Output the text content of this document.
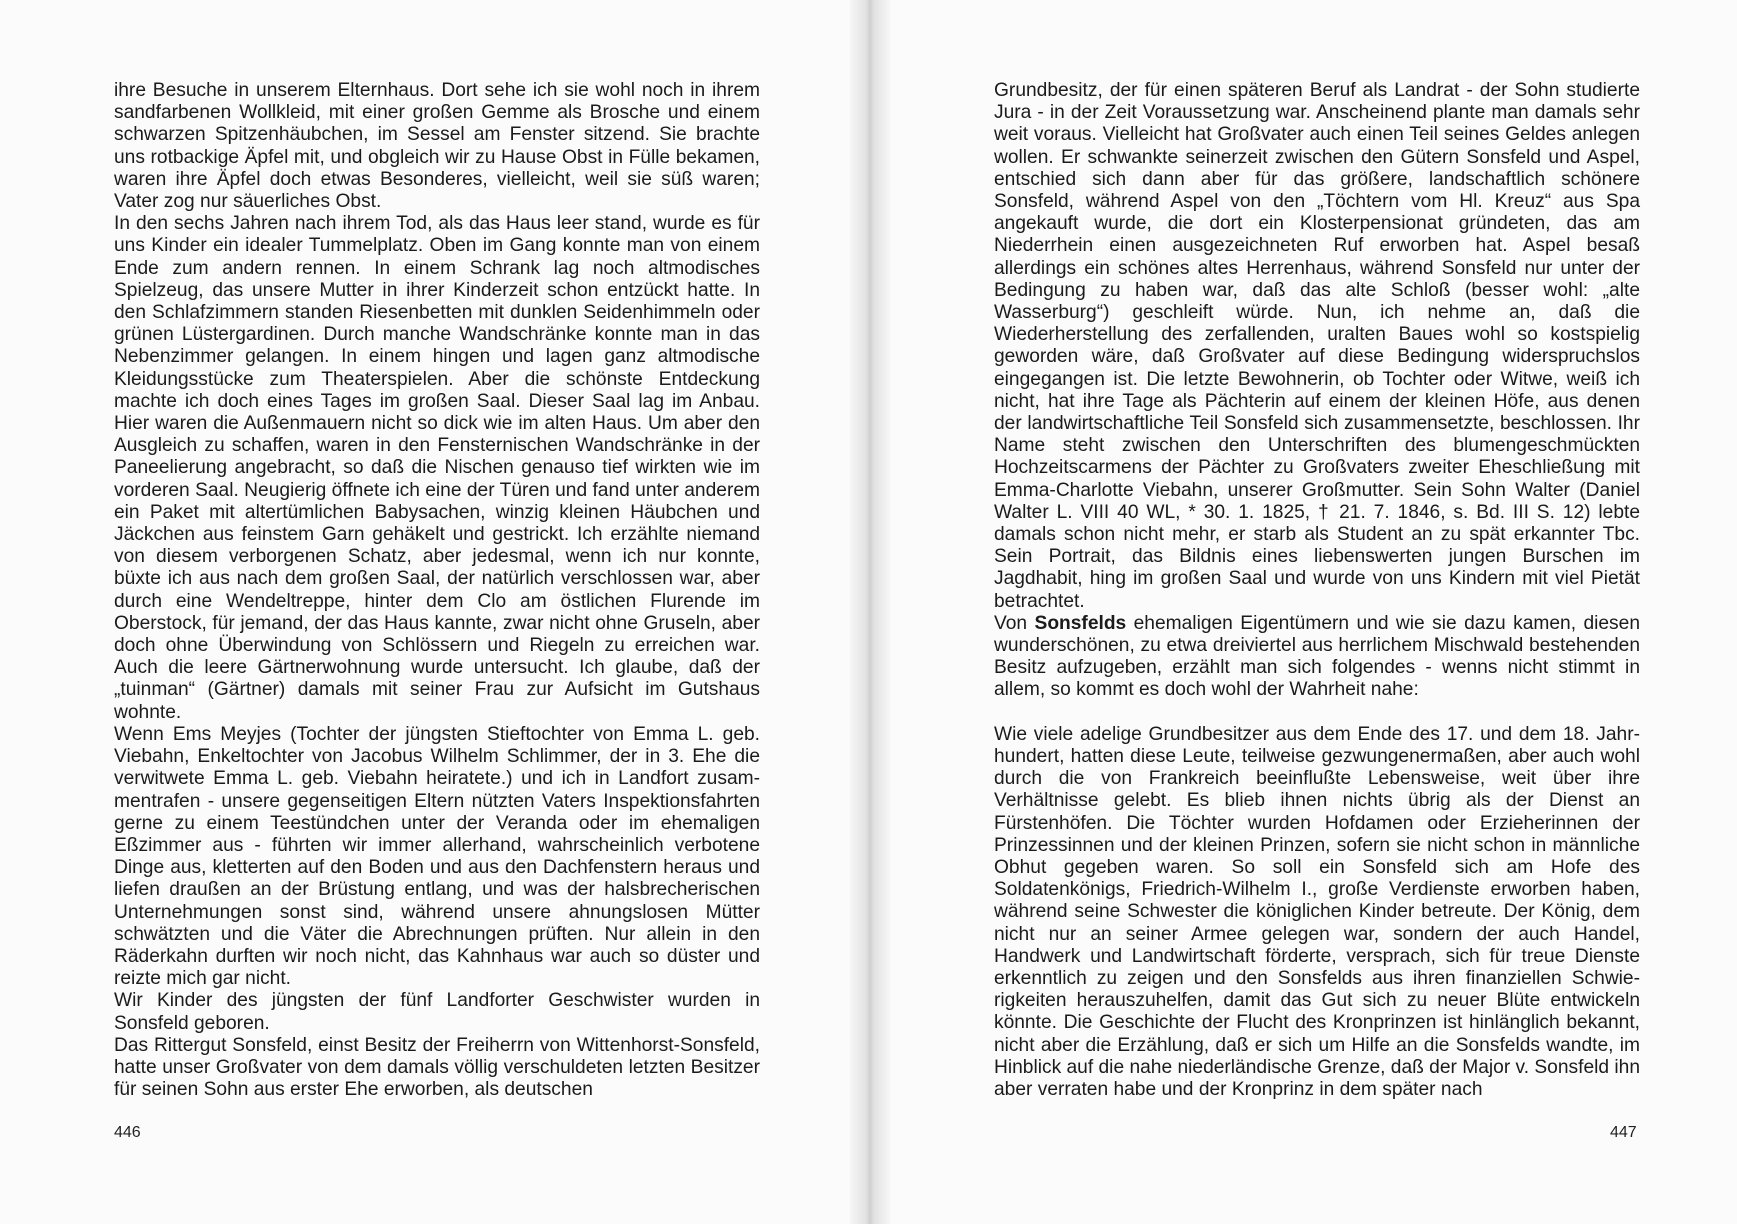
ihre Besuche in unserem Elternhaus. Dort sehe ich sie wohl noch in ihrem sandfarbenen Wollkleid, mit einer großen Gemme als Brosche und einem schwarzen Spitzenhäubchen, im Sessel am Fenster sitzend. Sie brachte uns rotbackige Äpfel mit, und obgleich wir zu Hause Obst in Fülle bekamen, waren ihre Äpfel doch etwas Besonderes, vielleicht, weil sie süß waren; Vater zog nur säuerliches Obst.

In den sechs Jahren nach ihrem Tod, als das Haus leer stand, wurde es für uns Kinder ein idealer Tummelplatz. Oben im Gang konnte man von einem Ende zum andern rennen. In einem Schrank lag noch altmodisches Spielzeug, das unsere Mutter in ihrer Kinderzeit schon entzückt hatte. In den Schlafzimmern standen Riesenbetten mit dunklen Seidenhimmeln oder grünen Lüstergardinen. Durch manche Wandschränke konnte man in das Nebenzimmer gelangen. In einem hingen und lagen ganz altmodische Kleidungsstücke zum Theaterspielen. Aber die schönste Entdeckung machte ich doch eines Tages im großen Saal. Dieser Saal lag im Anbau. Hier waren die Außenmauern nicht so dick wie im alten Haus. Um aber den Ausgleich zu schaffen, waren in den Fensternischen Wandschränke in der Paneelierung angebracht, so daß die Nischen genauso tief wirkten wie im vorderen Saal. Neugierig öffnete ich eine der Türen und fand unter anderem ein Paket mit altertümlichen Babysachen, winzig kleinen Häubchen und Jäckchen aus feinstem Garn gehäkelt und gestrickt. Ich erzählte niemand von diesem verborgenen Schatz, aber jedesmal, wenn ich nur konnte, büxte ich aus nach dem großen Saal, der natürlich verschlossen war, aber durch eine Wendeltreppe, hinter dem Clo am östlichen Flurende im Oberstock, für jemand, der das Haus kannte, zwar nicht ohne Gruseln, aber doch ohne Überwindung von Schlössern und Riegeln zu erreichen war. Auch die leere Gärtnerwohnung wurde untersucht. Ich glaube, daß der „tuinman“ (Gärtner) damals mit seiner Frau zur Aufsicht im Gutshaus wohnte.

Wenn Ems Meyjes (Tochter der jüngsten Stieftochter von Emma L. geb. Viebahn, Enkeltochter von Jacobus Wilhelm Schlimmer, der in 3. Ehe die verwitwete Emma L. geb. Viebahn heiratete.) und ich in Landfort zusammentrafen - unsere gegenseitigen Eltern nützten Vaters Inspektionsfahrten gerne zu einem Teestündchen unter der Veranda oder im ehemaligen Eßzimmer aus - führten wir immer allerhand, wahrscheinlich verbotene Dinge aus, kletterten auf den Boden und aus den Dachfenstern heraus und liefen draußen an der Brüstung entlang, und was der halsbrecherischen Unternehmungen sonst sind, während unsere ahnungslosen Mütter schwätzten und die Väter die Abrechnungen prüften. Nur allein in den Räderkahn durften wir noch nicht, das Kahnhaus war auch so düster und reizte mich gar nicht.

Wir Kinder des jüngsten der fünf Landforter Geschwister wurden in Sonsfeld geboren.

Das Rittergut Sonsfeld, einst Besitz der Freiherrn von Wittenhorst-Sonsfeld, hatte unser Großvater von dem damals völlig verschuldeten letzten Besitzer für seinen Sohn aus erster Ehe erworben, als deutschen

446

Grundbesitz, der für einen späteren Beruf als Landrat - der Sohn studierte Jura - in der Zeit Voraussetzung war. Anscheinend plante man damals sehr weit voraus. Vielleicht hat Großvater auch einen Teil seines Geldes anlegen wollen. Er schwankte seinerzeit zwischen den Gütern Sonsfeld und Aspel, entschied sich dann aber für das größere, landschaftlich schönere Sonsfeld, während Aspel von den „Töchtern vom Hl. Kreuz“ aus Spa angekauft wurde, die dort ein Klosterpensionat gründeten, das am Niederrhein einen ausgezeichneten Ruf erworben hat. Aspel besaß allerdings ein schönes altes Herrenhaus, während Sonsfeld nur unter der Bedingung zu haben war, daß das alte Schloß (besser wohl: „alte Wasserburg“) geschleift würde. Nun, ich nehme an, daß die Wiederherstellung des zerfallenden, uralten Baues wohl so kostspielig geworden wäre, daß Großvater auf diese Bedingung widerspruchslos eingegangen ist. Die letzte Bewohnerin, ob Tochter oder Witwe, weiß ich nicht, hat ihre Tage als Pächterin auf einem der kleinen Höfe, aus denen der landwirtschaftliche Teil Sonsfeld sich zusammensetzte, beschlossen. Ihr Name steht zwischen den Unterschriften des blumengeschmückten Hochzeitscarmens der Pächter zu Großvaters zweiter Eheschließung mit Emma-Charlotte Viebahn, unserer Großmutter. Sein Sohn Walter (Daniel Walter L. VIII 40 WL, * 30. 1. 1825, † 21. 7. 1846, s. Bd. III S. 12) lebte damals schon nicht mehr, er starb als Student an zu spät erkannter Tbc. Sein Portrait, das Bildnis eines liebenswerten jungen Burschen im Jagdhabit, hing im großen Saal und wurde von uns Kindern mit viel Pietät betrachtet.

Von Sonsfelds ehemaligen Eigentümern und wie sie dazu kamen, diesen wunderschönen, zu etwa dreiviertel aus herrlichem Mischwald bestehenden Besitz aufzugeben, erzählt man sich folgendes - wenns nicht stimmt in allem, so kommt es doch wohl der Wahrheit nahe:

Wie viele adelige Grundbesitzer aus dem Ende des 17. und dem 18. Jahrhundert, hatten diese Leute, teilweise gezwungenermaßen, aber auch wohl durch die von Frankreich beeinflußte Lebensweise, weit über ihre Verhältnisse gelebt. Es blieb ihnen nichts übrig als der Dienst an Fürstenhöfen. Die Töchter wurden Hofdamen oder Erzieherinnen der Prinzessinnen und der kleinen Prinzen, sofern sie nicht schon in männliche Obhut gegeben waren. So soll ein Sonsfeld sich am Hofe des Soldatenkönigs, Friedrich-Wilhelm I., große Verdienste erworben haben, während seine Schwester die königlichen Kinder betreute. Der König, dem nicht nur an seiner Armee gelegen war, sondern der auch Handel, Handwerk und Landwirtschaft förderte, versprach, sich für treue Dienste erkenntlich zu zeigen und den Sonsfelds aus ihren finanziellen Schwierigkeiten herauszuhelfen, damit das Gut sich zu neuer Blüte entwickeln könnte. Die Geschichte der Flucht des Kronprinzen ist hinlänglich bekannt, nicht aber die Erzählung, daß er sich um Hilfe an die Sonsfelds wandte, im Hinblick auf die nahe niederländische Grenze, daß der Major v. Sonsfeld ihn aber verraten habe und der Kronprinz in dem später nach

447
